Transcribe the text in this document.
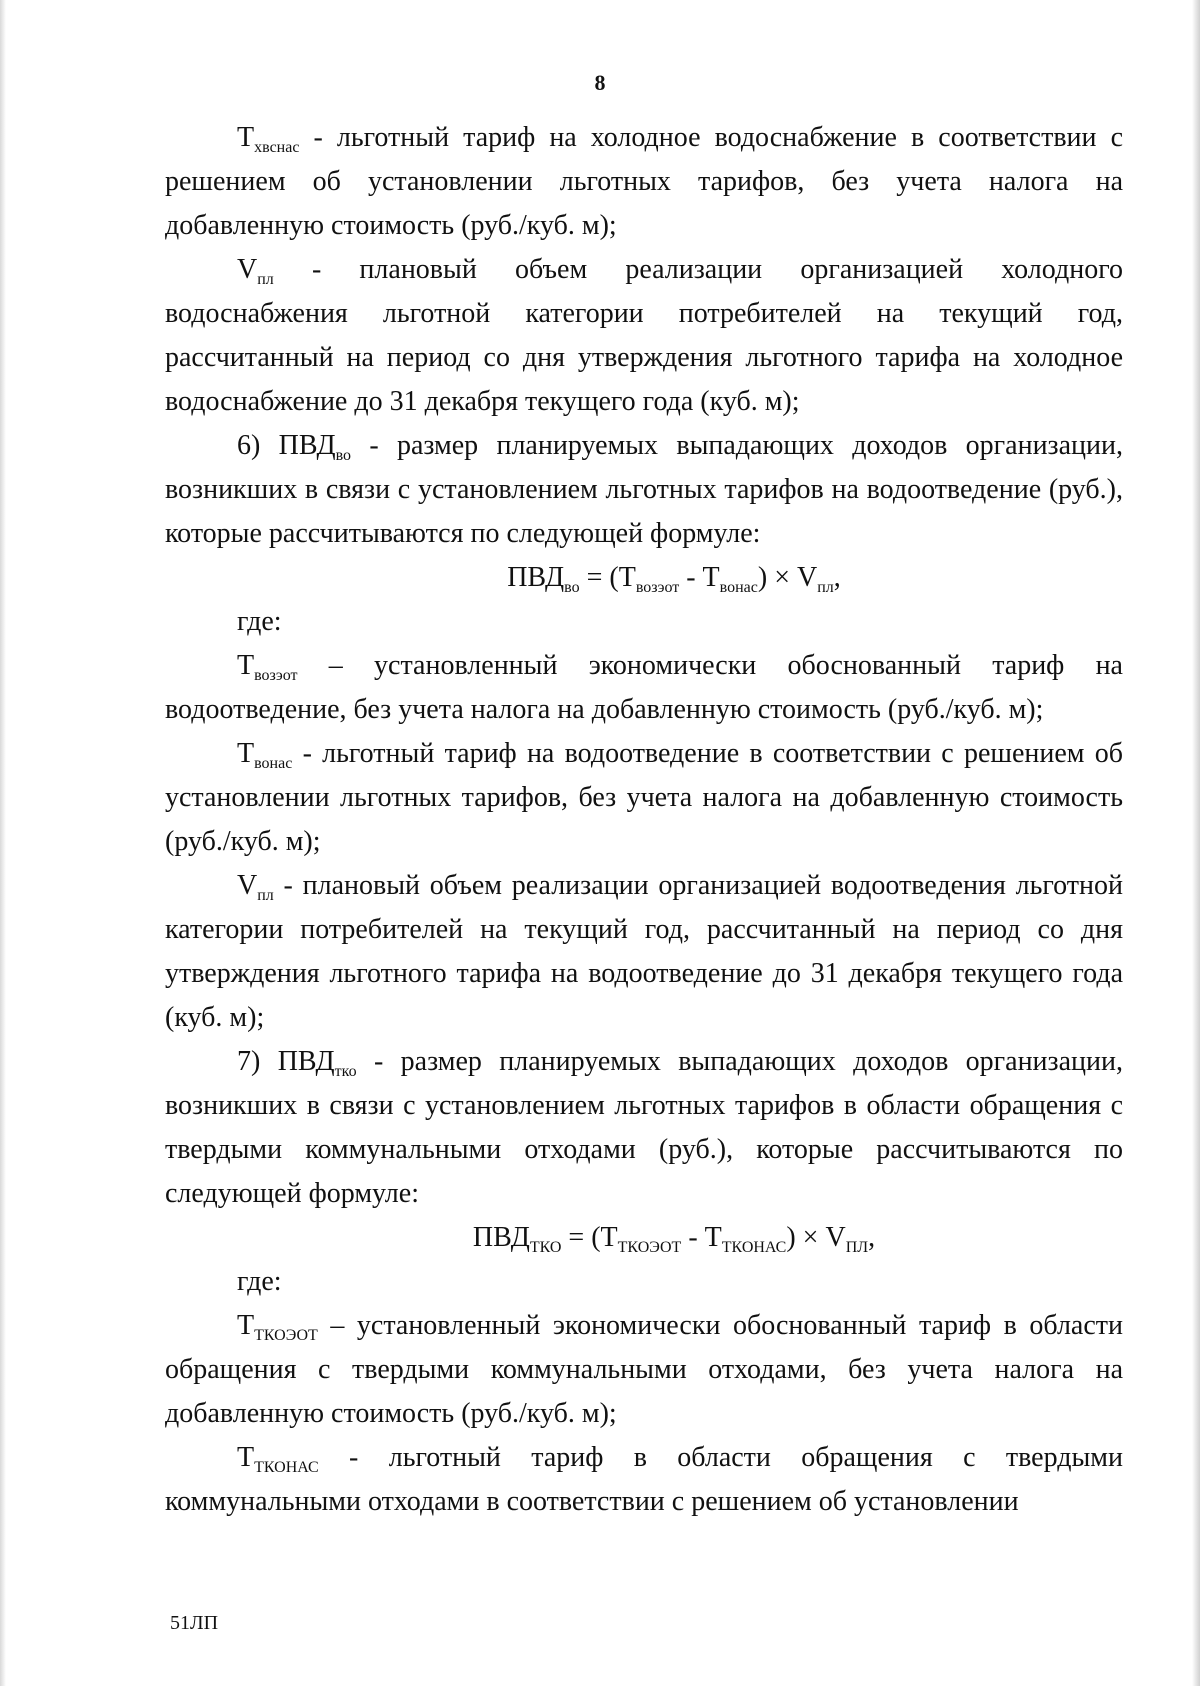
8

$Т_{хвснас}$ - льготный тариф на холодное водоснабжение в соответствии с решением об установлении льготных тарифов, без учета налога на добавленную стоимость (руб./куб. м);

$V_{пл}$ - плановый объем реализации организацией холодного водоснабжения льготной категории потребителей на текущий год, рассчитанный на период со дня утверждения льготного тарифа на холодное водоснабжение до 31 декабря текущего года (куб. м);

6) $ПВД_{во}$ - размер планируемых выпадающих доходов организации, возникших в связи с установлением льготных тарифов на водоотведение (руб.), которые рассчитываются по следующей формуле:

$ПВД_{во} = (Т_{возэот} - Т_{вонас}) \times V_{пл}$,

где:

$Т_{возэот}$ – установленный экономически обоснованный тариф на водоотведение, без учета налога на добавленную стоимость (руб./куб. м);

$Т_{вонас}$ - льготный тариф на водоотведение в соответствии с решением об установлении льготных тарифов, без учета налога на добавленную стоимость (руб./куб. м);

$V_{пл}$ - плановый объем реализации организацией водоотведения льготной категории потребителей на текущий год, рассчитанный на период со дня утверждения льготного тарифа на водоотведение до 31 декабря текущего года (куб. м);

7) $ПВД_{тко}$ - размер планируемых выпадающих доходов организации, возникших в связи с установлением льготных тарифов в области обращения с твердыми коммунальными отходами (руб.), которые рассчитываются по следующей формуле:

$ПВД_{ТКО} = (Т_{ТКОЭОТ} - Т_{ТКОНАС}) \times V_{ПЛ}$,

где:

$Т_{ТКОЭОТ}$ – установленный экономически обоснованный тариф в области обращения с твердыми коммунальными отходами, без учета налога на добавленную стоимость (руб./куб. м);

$Т_{ТКОНАС}$ - льготный тариф в области обращения с твердыми коммунальными отходами в соответствии с решением об установлении

51ЛП
